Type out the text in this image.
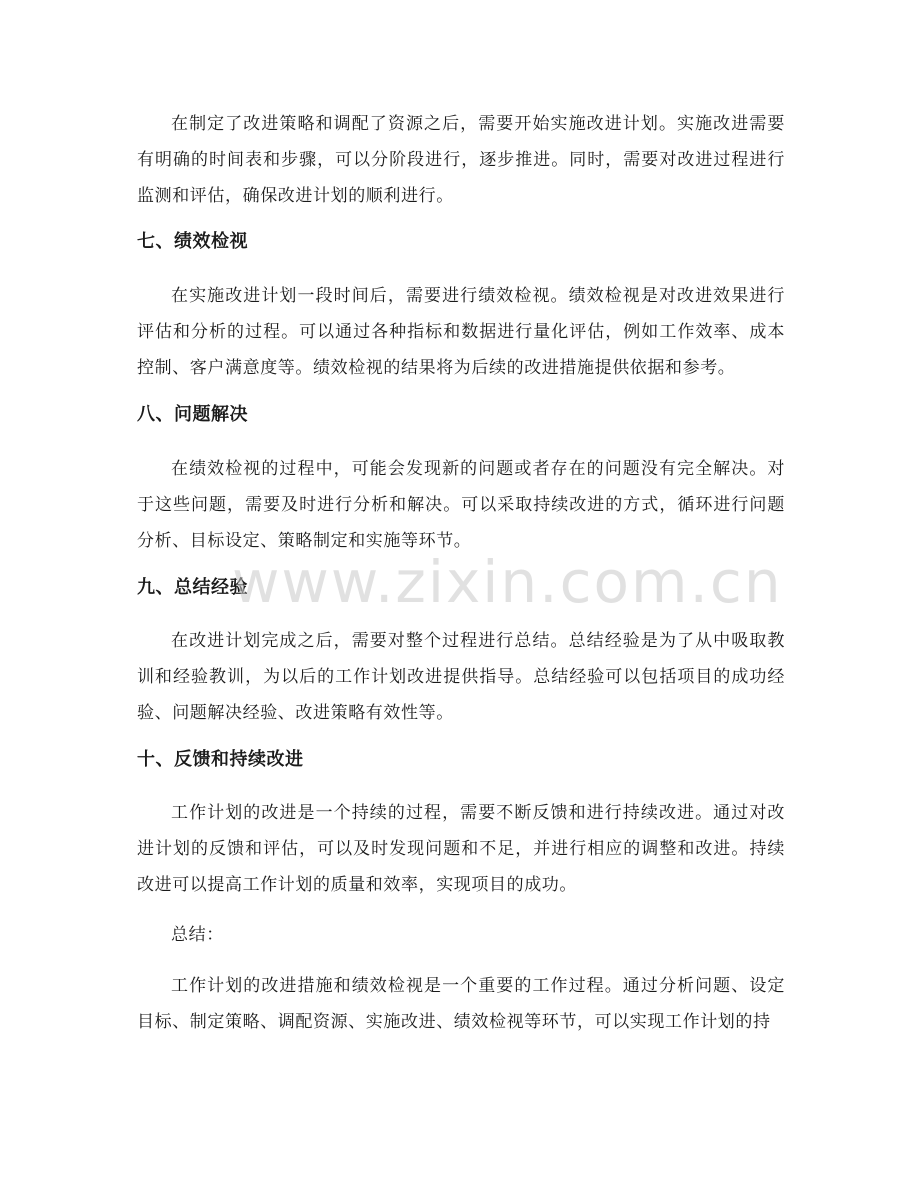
在制定了改进策略和调配了资源之后，需要开始实施改进计划。实施改进需要有明确的时间表和步骤，可以分阶段进行，逐步推进。同时，需要对改进过程进行监测和评估，确保改进计划的顺利进行。

七、绩效检视

在实施改进计划一段时间后，需要进行绩效检视。绩效检视是对改进效果进行评估和分析的过程。可以通过各种指标和数据进行量化评估，例如工作效率、成本控制、客户满意度等。绩效检视的结果将为后续的改进措施提供依据和参考。

八、问题解决

在绩效检视的过程中，可能会发现新的问题或者存在的问题没有完全解决。对于这些问题，需要及时进行分析和解决。可以采取持续改进的方式，循环进行问题分析、目标设定、策略制定和实施等环节。

九、总结经验

在改进计划完成之后，需要对整个过程进行总结。总结经验是为了从中吸取教训和经验教训，为以后的工作计划改进提供指导。总结经验可以包括项目的成功经验、问题解决经验、改进策略有效性等。

十、反馈和持续改进

工作计划的改进是一个持续的过程，需要不断反馈和进行持续改进。通过对改进计划的反馈和评估，可以及时发现问题和不足，并进行相应的调整和改进。持续改进可以提高工作计划的质量和效率，实现项目的成功。

总结：

工作计划的改进措施和绩效检视是一个重要的工作过程。通过分析问题、设定目标、制定策略、调配资源、实施改进、绩效检视等环节，可以实现工作计划的持

www.zixin.com.cn
